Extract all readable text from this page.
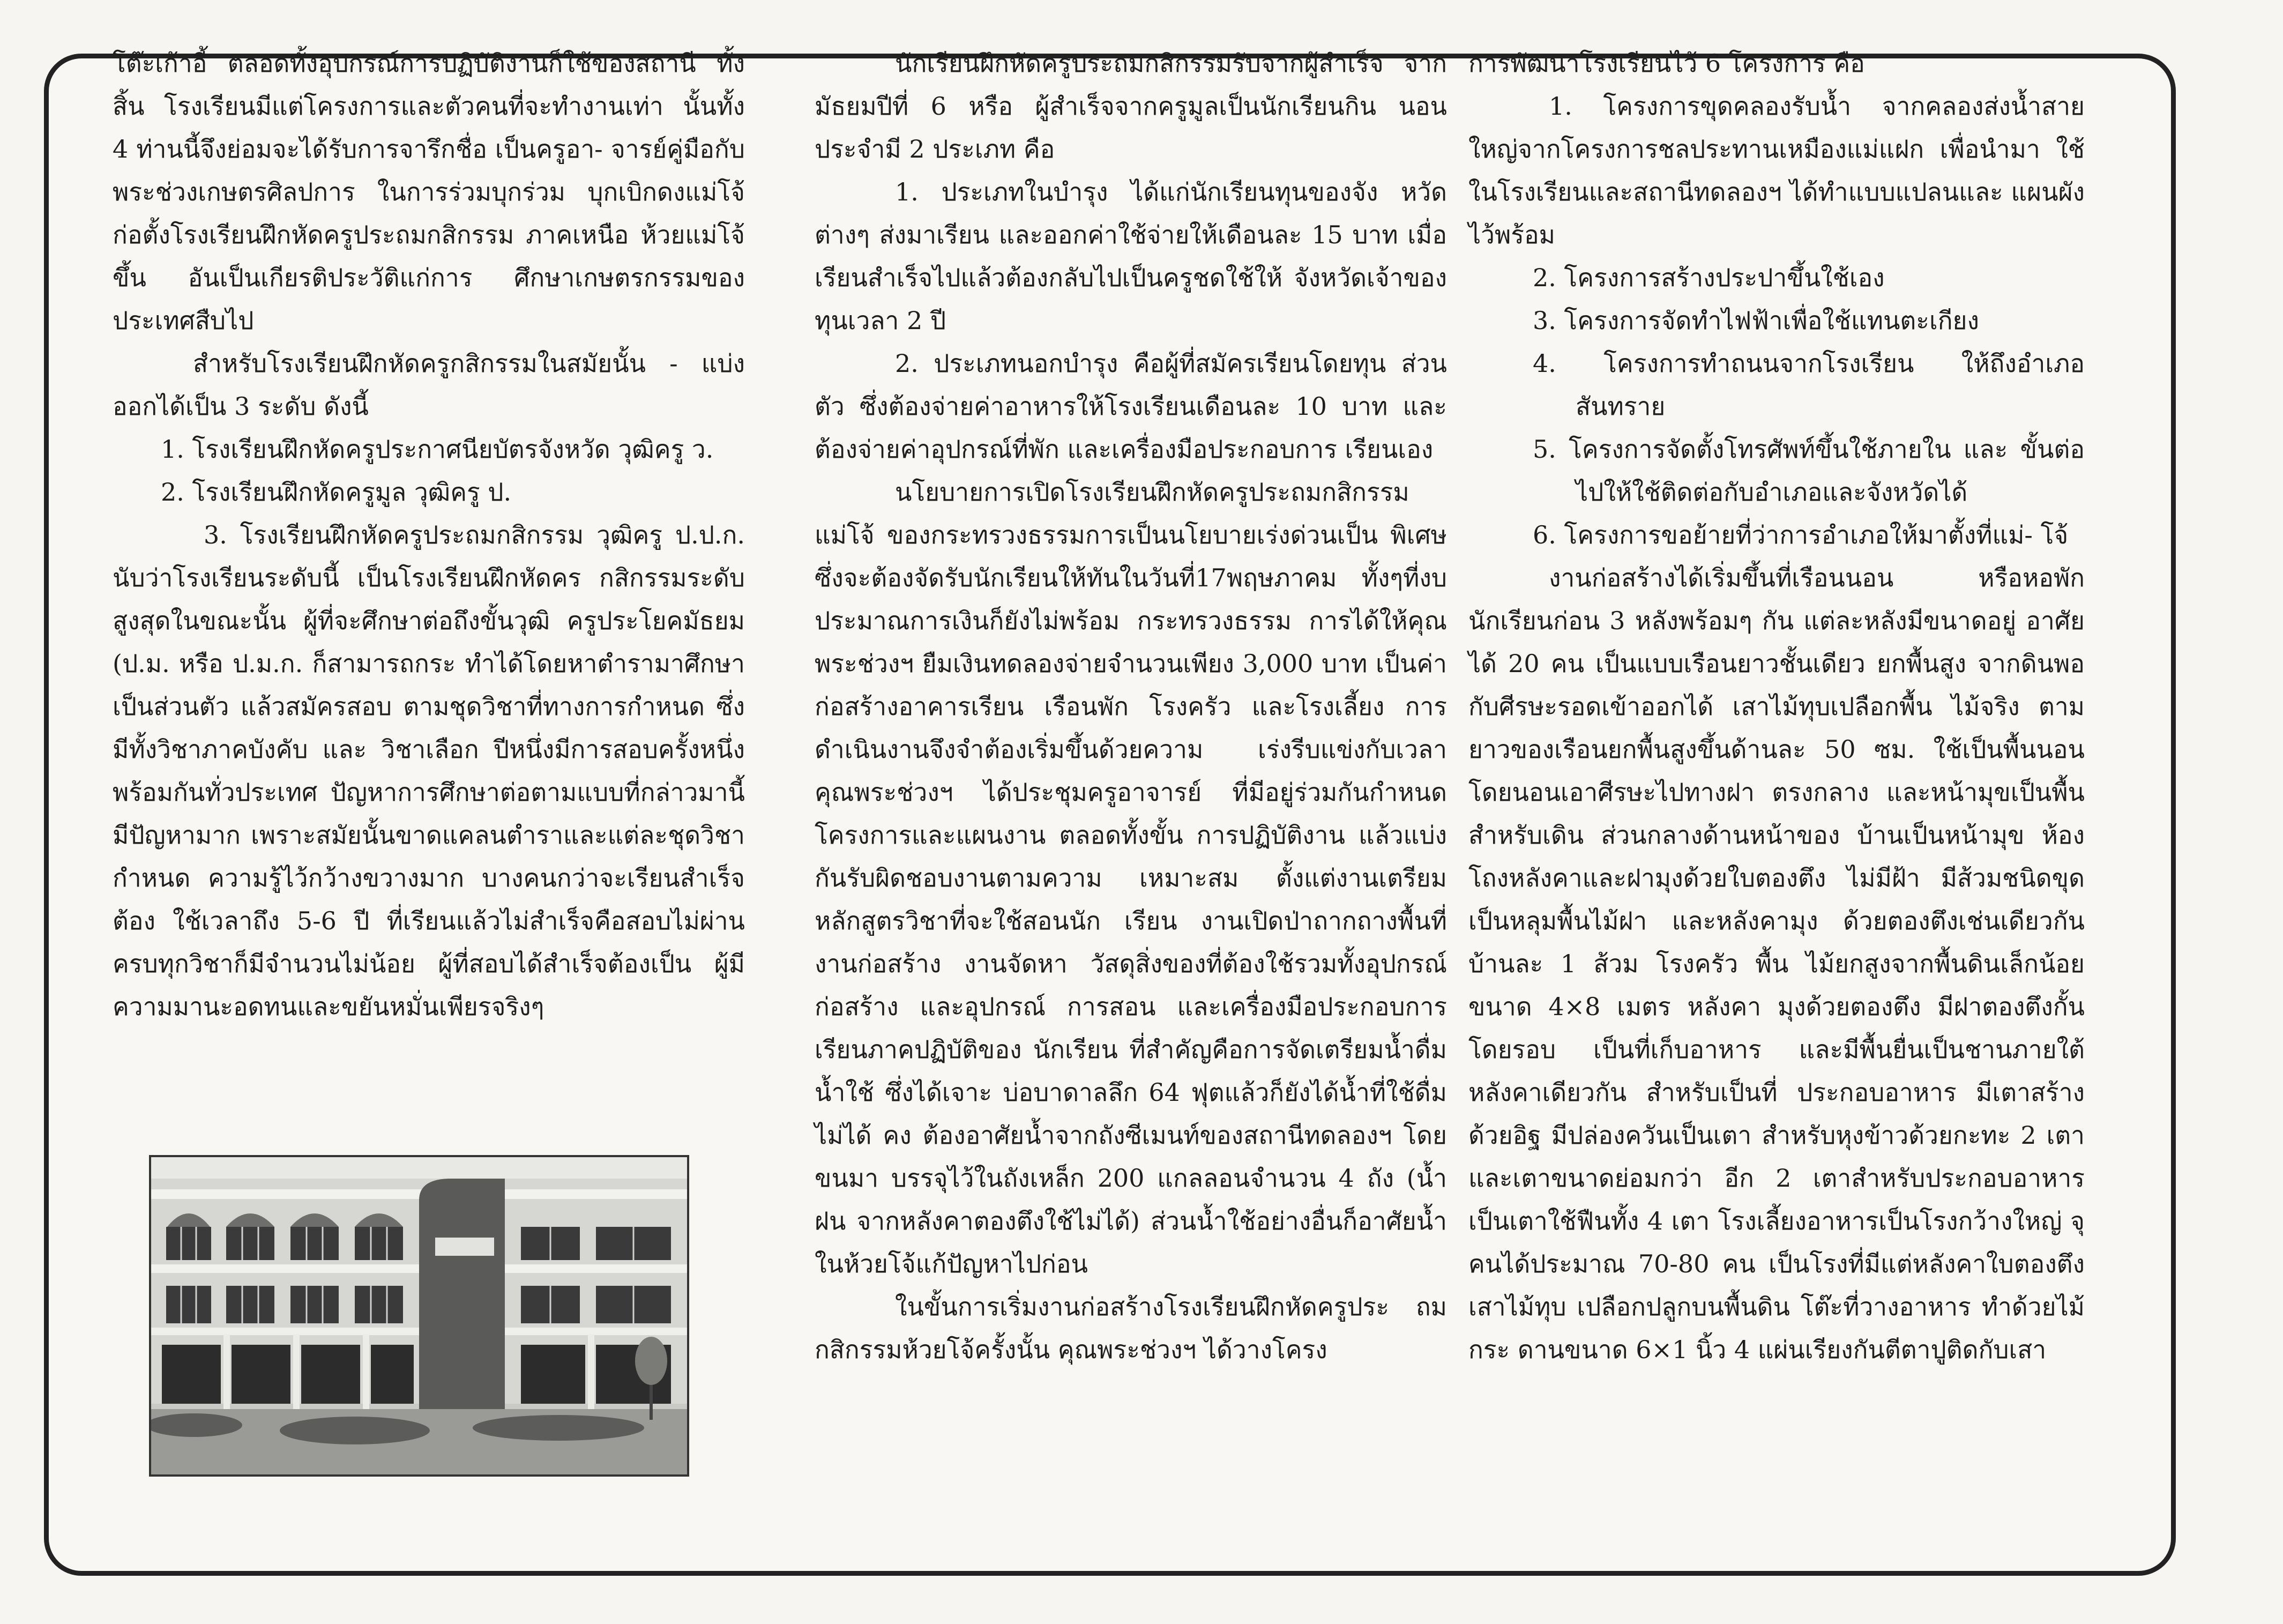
โต๊ะเก้าอี้ ตลอดทั้งอุปกรณ์การปฏิบัติงานก็ใช้ของสถานี ทั้งสิ้น โรงเรียนมีแต่โครงการและตัวคนที่จะทำงานเท่า นั้นทั้ง 4 ท่านนี้จึงย่อมจะได้รับการจารึกชื่อ เป็นครูอา- จารย์คู่มือกับพระช่วงเกษตรศิลปการ ในการร่วมบุกร่วม บุกเบิกดงแม่โจ้ ก่อตั้งโรงเรียนฝึกหัดครูประถมกสิกรรม ภาคเหนือ ห้วยแม่โจ้ขึ้น อันเป็นเกียรติประวัติแก่การ ศึกษาเกษตรกรรมของประเทศสืบไป

สำหรับโรงเรียนฝึกหัดครูกสิกรรมในสมัยนั้น - แบ่งออกได้เป็น 3 ระดับ ดังนี้

1. โรงเรียนฝึกหัดครูประกาศนียบัตรจังหวัด วุฒิครู ว.

2. โรงเรียนฝึกหัดครูมูล วุฒิครู ป.

3. โรงเรียนฝึกหัดครูประถมกสิกรรม วุฒิครู ป.ป.ก. นับว่าโรงเรียนระดับนี้ เป็นโรงเรียนฝึกหัดคร กสิกรรมระดับสูงสุดในขณะนั้น ผู้ที่จะศึกษาต่อถึงขั้นวุฒิ ครูประโยคมัธยม (ป.ม. หรือ ป.ม.ก. ก็สามารถกระ ทำได้โดยหาตำรามาศึกษาเป็นส่วนตัว แล้วสมัครสอบ ตามชุดวิชาที่ทางการกำหนด ซึ่งมีทั้งวิชาภาคบังคับ และ วิชาเลือก ปีหนึ่งมีการสอบครั้งหนึ่งพร้อมกันทั่วประเทศ ปัญหาการศึกษาต่อตามแบบที่กล่าวมานี้ มีปัญหามาก เพราะสมัยนั้นขาดแคลนตำราและแต่ละชุดวิชา กำหนด ความรู้ไว้กว้างขวางมาก บางคนกว่าจะเรียนสำเร็จต้อง ใช้เวลาถึง 5-6 ปี ที่เรียนแล้วไม่สำเร็จคือสอบไม่ผ่าน ครบทุกวิชาก็มีจำนวนไม่น้อย ผู้ที่สอบได้สำเร็จต้องเป็น ผู้มีความมานะอดทนและขยันหมั่นเพียรจริงๆ

นักเรียนฝึกหัดครูประถมกสิกรรมรับจากผู้สำเร็จ จากมัธยมปีที่ 6 หรือ ผู้สำเร็จจากครูมูลเป็นนักเรียนกิน นอนประจำมี 2 ประเภท คือ

1. ประเภทในบำรุง ได้แก่นักเรียนทุนของจัง หวัดต่างๆ ส่งมาเรียน และออกค่าใช้จ่ายให้เดือนละ 15 บาท เมื่อเรียนสำเร็จไปแล้วต้องกลับไปเป็นครูชดใช้ให้ จังหวัดเจ้าของทุนเวลา 2 ปี

2. ประเภทนอกบำรุง คือผู้ที่สมัครเรียนโดยทุน ส่วนตัว ซึ่งต้องจ่ายค่าอาหารให้โรงเรียนเดือนละ 10 บาท และต้องจ่ายค่าอุปกรณ์ที่พัก และเครื่องมือประกอบการ เรียนเอง

นโยบายการเปิดโรงเรียนฝึกหัดครูประถมกสิกรรม แม่โจ้ ของกระทรวงธรรมการเป็นนโยบายเร่งด่วนเป็น พิเศษซึ่งจะต้องจัดรับนักเรียนให้ทันในวันที่17พฤษภาคม ทั้งๆที่งบประมาณการเงินก็ยังไม่พร้อม กระทรวงธรรม การได้ให้คุณพระช่วงฯ ยืมเงินทดลองจ่ายจำนวนเพียง 3,000 บาท เป็นค่าก่อสร้างอาคารเรียน เรือนพัก โรงครัว และโรงเลี้ยง การดำเนินงานจึงจำต้องเริ่มขึ้นด้วยความ เร่งรีบแข่งกับเวลา คุณพระช่วงฯ ได้ประชุมครูอาจารย์ ที่มีอยู่ร่วมกันกำหนดโครงการและแผนงาน ตลอดทั้งขั้น การปฏิบัติงาน แล้วแบ่งกันรับผิดชอบงานตามความ เหมาะสม ตั้งแต่งานเตรียมหลักสูตรวิชาที่จะใช้สอนนัก เรียน งานเปิดป่าถากถางพื้นที่ งานก่อสร้าง งานจัดหา วัสดุสิ่งของที่ต้องใช้รวมทั้งอุปกรณ์ก่อสร้าง และอุปกรณ์ การสอน และเครื่องมือประกอบการเรียนภาคปฏิบัติของ นักเรียน ที่สำคัญคือการจัดเตรียมน้ำดื่มน้ำใช้ ซึ่งได้เจาะ บ่อบาดาลลึก 64 ฟุตแล้วก็ยังได้น้ำที่ใช้ดื่มไม่ได้ คง ต้องอาศัยน้ำจากถังซีเมนท์ของสถานีทดลองฯ โดยขนมา บรรจุไว้ในถังเหล็ก 200 แกลลอนจำนวน 4 ถัง (น้ำฝน จากหลังคาตองตึงใช้ไม่ได้) ส่วนน้ำใช้อย่างอื่นก็อาศัยน้ำ ในห้วยโจ้แก้ปัญหาไปก่อน

ในขั้นการเริ่มงานก่อสร้างโรงเรียนฝึกหัดครูประ ถมกสิกรรมห้วยโจ้ครั้งนั้น คุณพระช่วงฯ ได้วางโครง

การพัฒนาโรงเรียนไว้ 6 โครงการ คือ

1. โครงการขุดคลองรับน้ำ จากคลองส่งน้ำสาย ใหญ่จากโครงการชลประทานเหมืองแม่แฝก เพื่อนำมา ใช้ในโรงเรียนและสถานีทดลองฯ ได้ทำแบบแปลนและ แผนผังไว้พร้อม

2. โครงการสร้างประปาขึ้นใช้เอง

3. โครงการจัดทำไฟฟ้าเพื่อใช้แทนตะเกียง

4. โครงการทำถนนจากโรงเรียน ให้ถึงอำเภอ สันทราย

5. โครงการจัดตั้งโทรศัพท์ขึ้นใช้ภายใน และ ขั้นต่อไปให้ใช้ติดต่อกับอำเภอและจังหวัดได้

6. โครงการขอย้ายที่ว่าการอำเภอให้มาตั้งที่แม่- โจ้

งานก่อสร้างได้เริ่มขึ้นที่เรือนนอน หรือหอพัก นักเรียนก่อน 3 หลังพร้อมๆ กัน แต่ละหลังมีขนาดอยู่ อาศัยได้ 20 คน เป็นแบบเรือนยาวชั้นเดียว ยกพื้นสูง จากดินพอกับศีรษะรอดเข้าออกได้ เสาไม้ทุบเปลือกพื้น ไม้จริง ตามยาวของเรือนยกพื้นสูงขึ้นด้านละ 50 ซม. ใช้เป็นพื้นนอน โดยนอนเอาศีรษะไปทางฝา ตรงกลาง และหน้ามุขเป็นพื้นสำหรับเดิน ส่วนกลางด้านหน้าของ บ้านเป็นหน้ามุข ห้องโถงหลังคาและฝามุงด้วยใบตองตึง ไม่มีฝ้า มีส้วมชนิดขุดเป็นหลุมพื้นไม้ฝา และหลังคามุง ด้วยตองตึงเช่นเดียวกัน บ้านละ 1 ส้วม โรงครัว พื้น ไม้ยกสูงจากพื้นดินเล็กน้อย ขนาด 4×8 เมตร หลังคา มุงด้วยตองตึง มีฝาตองตึงกั้นโดยรอบ เป็นที่เก็บอาหาร และมีพื้นยื่นเป็นชานภายใต้หลังคาเดียวกัน สำหรับเป็นที่ ประกอบอาหาร มีเตาสร้างด้วยอิฐ มีปล่องควันเป็นเตา สำหรับหุงข้าวด้วยกะทะ 2 เตา และเตาขนาดย่อมกว่า อีก 2 เตาสำหรับประกอบอาหาร เป็นเตาใช้ฟืนทั้ง 4 เตา โรงเลี้ยงอาหารเป็นโรงกว้างใหญ่ จุคนได้ประมาณ 70-80 คน เป็นโรงที่มีแต่หลังคาใบตองตึงเสาไม้ทุบ เปลือกปลูกบนพื้นดิน โต๊ะที่วางอาหาร ทำด้วยไม้กระ ดานขนาด 6×1 นิ้ว 4 แผ่นเรียงกันตีตาปูติดกับเสา
